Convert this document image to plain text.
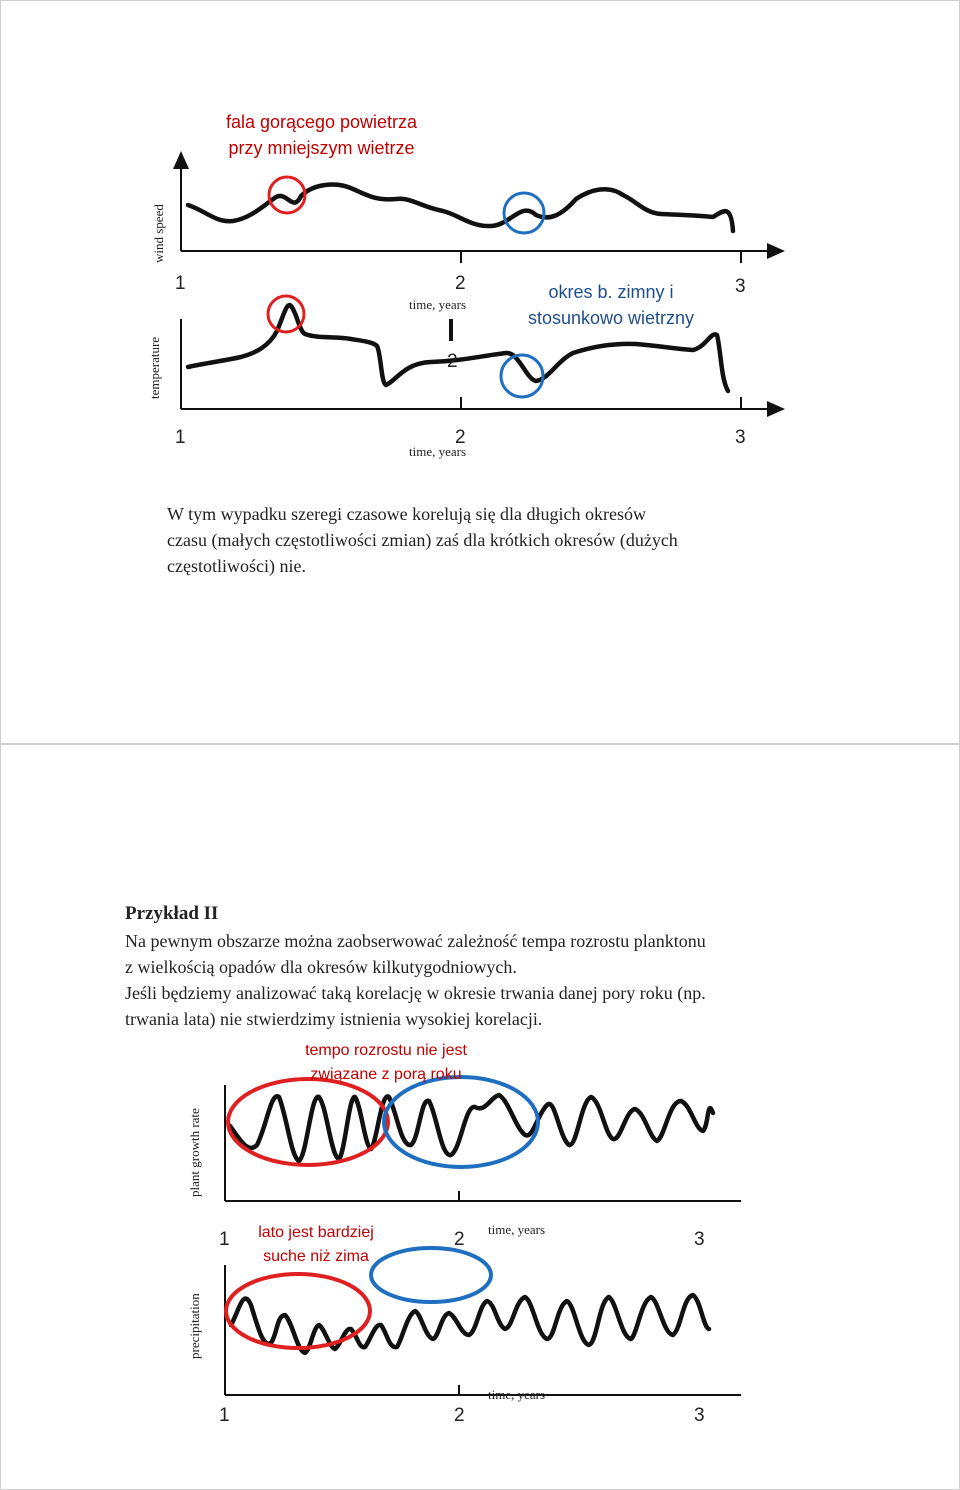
fala gorącego powietrza
przy mniejszym wietrze
wind speed
1	2	3
time, years
okres b. zimny i
stosunkowo wietrzny
2
temperature
1	2	3
time, years
W tym wypadku szeregi czasowe korelują się dla długich okresów
czasu (małych częstotliwości zmian) zaś dla krótkich okresów (dużych
częstotliwości) nie.
Przykład II
Na pewnym obszarze można zaobserwować zależność tempa rozrostu planktonu
z wielkością opadów dla okresów kilkutygodniowych.
Jeśli będziemy analizować taką korelację w okresie trwania danej pory roku (np.
trwania lata) nie stwierdzimy istnienia wysokiej korelacji.
tempo rozrostu nie jest
związane z porą roku
plant growth rate
1	2	3
time, years
lato jest bardziej
suche niż zima
precipitation
time, years
1	2	3
